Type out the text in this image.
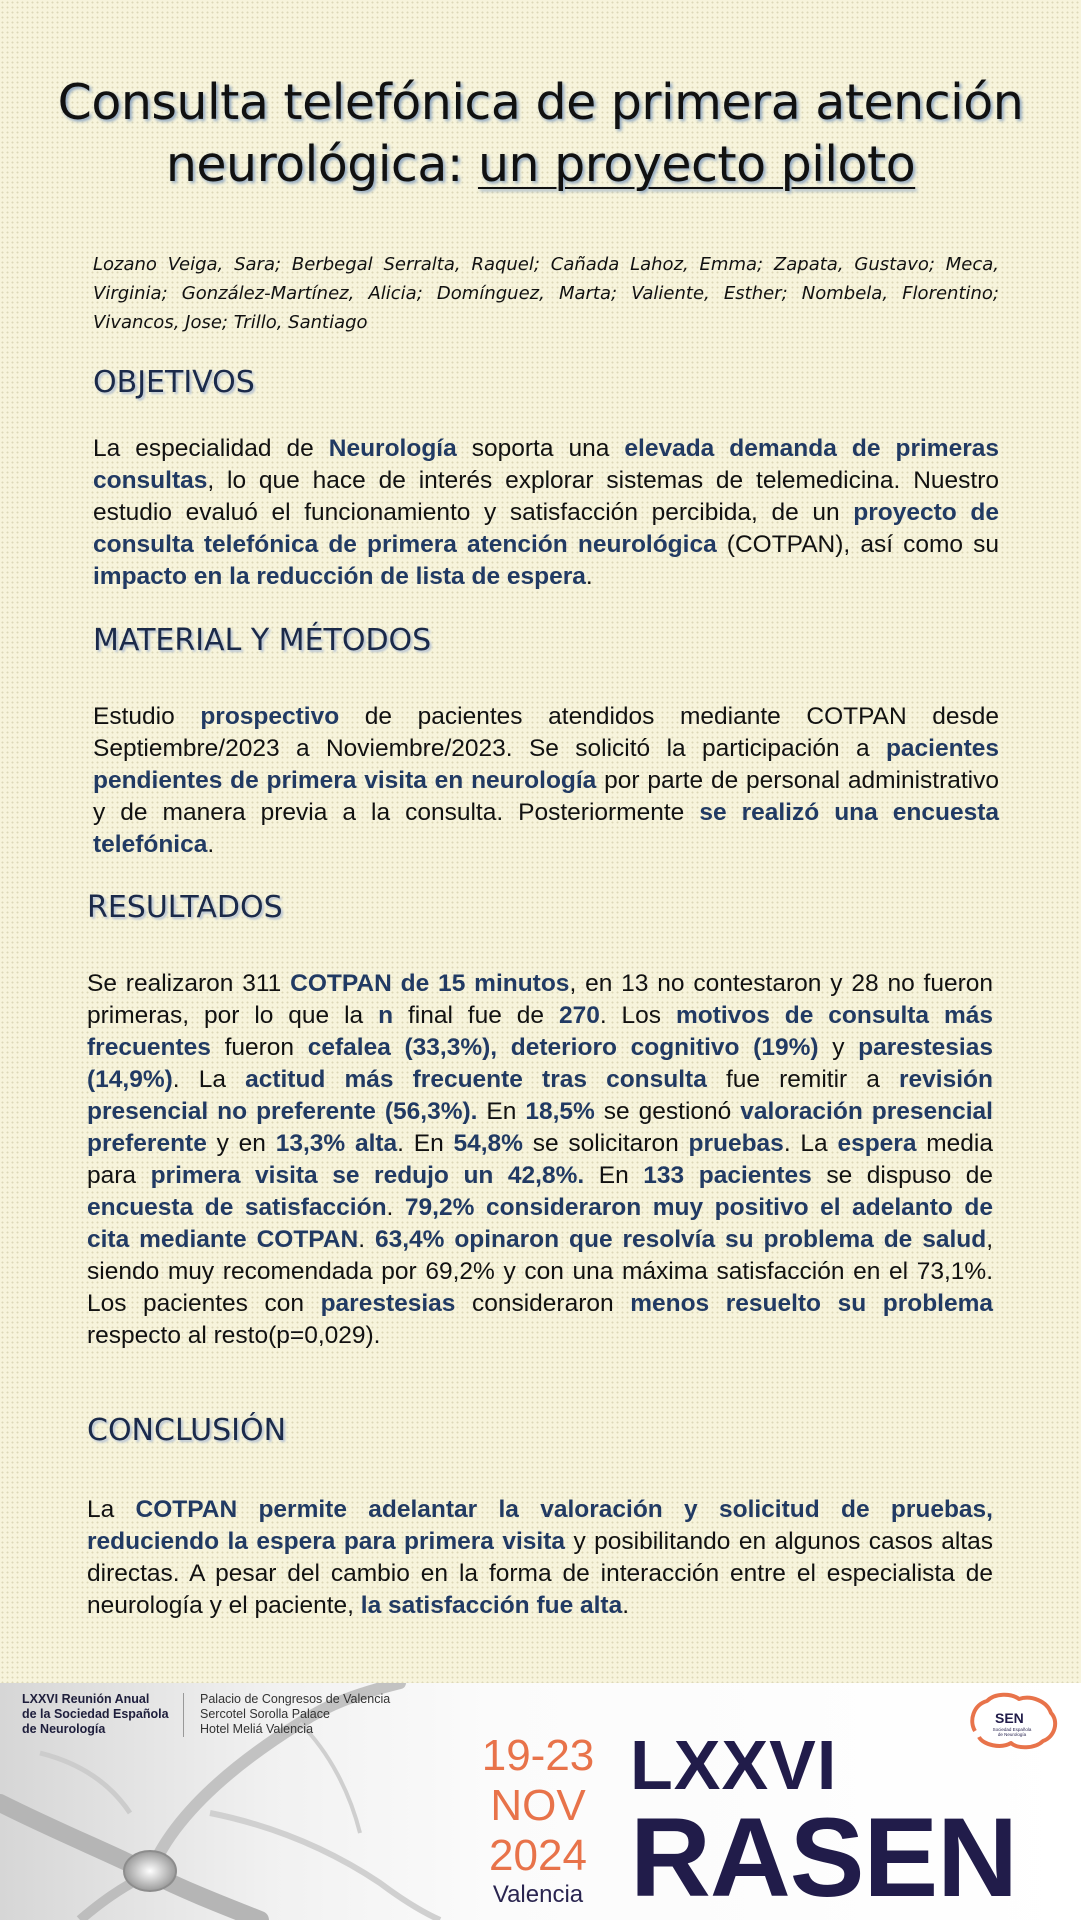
Consulta telefónica de primera atención
neurológica: un proyecto piloto

Lozano Veiga, Sara; Berbegal Serralta, Raquel; Cañada Lahoz, Emma; Zapata, Gustavo; Meca, Virginia; González-Martínez, Alicia; Domínguez, Marta; Valiente, Esther; Nombela, Florentino; Vivancos, Jose; Trillo, Santiago

OBJETIVOS

La especialidad de Neurología soporta una elevada demanda de primeras consultas, lo que hace de interés explorar sistemas de telemedicina. Nuestro estudio evaluó el funcionamiento y satisfacción percibida, de un proyecto de consulta telefónica de primera atención neurológica (COTPAN), así como su impacto en la reducción de lista de espera.

MATERIAL Y MÉTODOS

Estudio prospectivo de pacientes atendidos mediante COTPAN desde Septiembre/2023 a Noviembre/2023. Se solicitó la participación a pacientes pendientes de primera visita en neurología por parte de personal administrativo y de manera previa a la consulta. Posteriormente se realizó una encuesta telefónica.

RESULTADOS

Se realizaron 311 COTPAN de 15 minutos, en 13 no contestaron y 28 no fueron primeras, por lo que la n final fue de 270. Los motivos de consulta más frecuentes fueron cefalea (33,3%), deterioro cognitivo (19%) y parestesias (14,9%). La actitud más frecuente tras consulta fue remitir a revisión presencial no preferente (56,3%). En 18,5% se gestionó valoración presencial preferente y en 13,3% alta. En 54,8% se solicitaron pruebas. La espera media para primera visita se redujo un 42,8%. En 133 pacientes se dispuso de encuesta de satisfacción. 79,2% consideraron muy positivo el adelanto de cita mediante COTPAN. 63,4% opinaron que resolvía su problema de salud, siendo muy recomendada por 69,2% y con una máxima satisfacción en el 73,1%. Los pacientes con parestesias consideraron menos resuelto su problema respecto al resto(p=0,029).

CONCLUSIÓN

La COTPAN permite adelantar la valoración y solicitud de pruebas, reduciendo la espera para primera visita y posibilitando en algunos casos altas directas. A pesar del cambio en la forma de interacción entre el especialista de neurología y el paciente, la satisfacción fue alta.

LXXVI Reunión Anual
de la Sociedad Española
de Neurología
Palacio de Congresos de Valencia
Sercotel Sorolla Palace
Hotel Meliá Valencia
19-23
NOV
2024
Valencia
LXXVI
RASEN
SEN
Sociedad Española de Neurología
